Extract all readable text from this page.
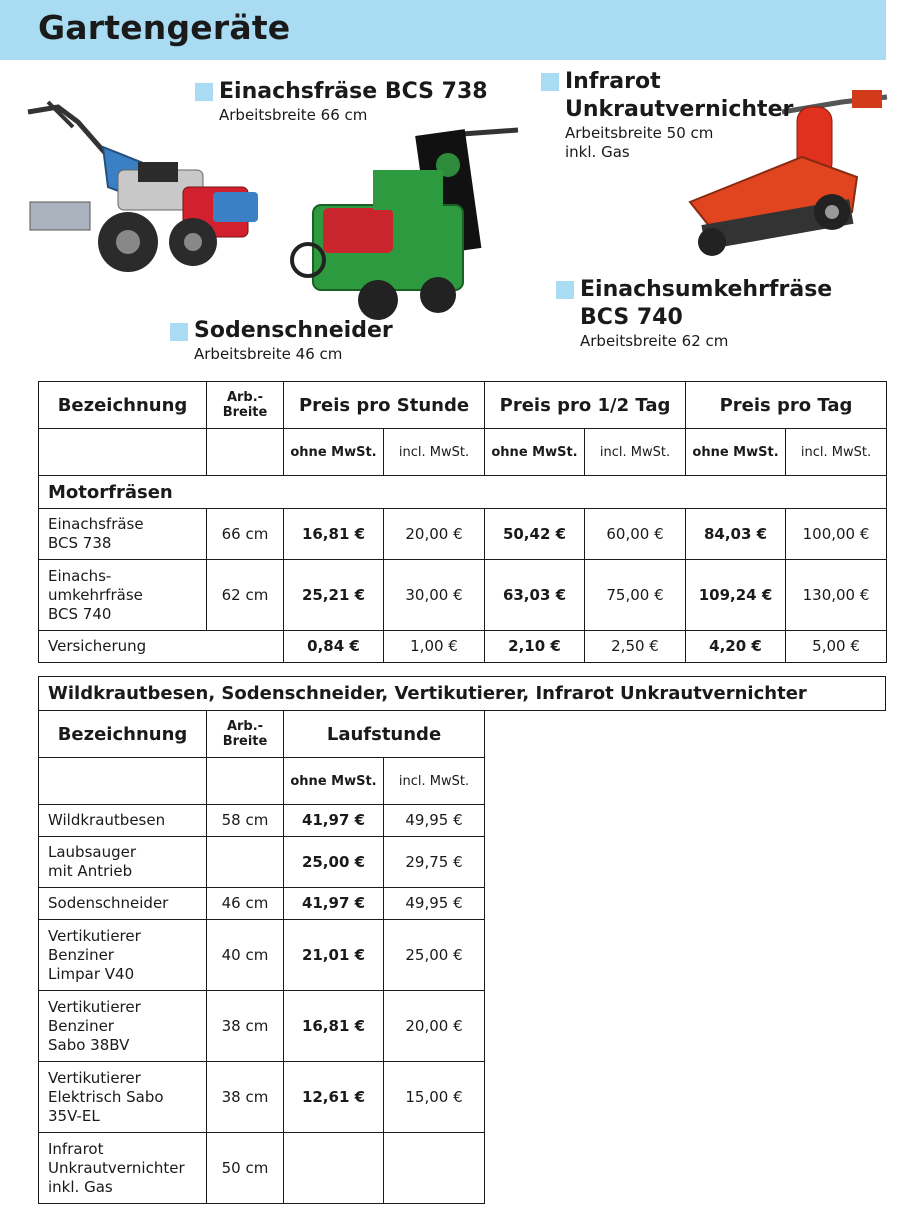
Gartengeräte
Einachsfräse BCS 738
Arbeitsbreite 66 cm
Sodenschneider
Arbeitsbreite 46 cm
Infrarot
Unkrautvernichter
Arbeitsbreite 50 cm
inkl. Gas
Einachsumkehrfräse
BCS 740
Arbeitsbreite 62 cm
Bezeichnung	Arb.-Breite	Preis pro Stunde		Preis pro 1/2 Tag		Preis pro Tag	
		ohne MwSt.	incl. MwSt.	ohne MwSt.	incl. MwSt.	ohne MwSt.	incl. MwSt.
Motorfräsen							
Einachsfräse
BCS 738	66 cm	16,81 €	20,00 €	50,42 €	60,00 €	84,03 €	100,00 €
Einachs-
umkehrfräse
BCS 740	62 cm	25,21 €	30,00 €	63,03 €	75,00 €	109,24 €	130,00 €
Versicherung		0,84 €	1,00 €	2,10 €	2,50 €	4,20 €	5,00 €
Wildkrautbesen, Sodenschneider, Vertikutierer, Infrarot Unkrautvernichter
Bezeichnung	Arb.-Breite	Laufstunde	
		ohne MwSt.	incl. MwSt.
Wildkrautbesen	58 cm	41,97 €	49,95 €
Laubsauger
mit Antrieb		25,00 €	29,75 €
Sodenschneider	46 cm	41,97 €	49,95 €
Vertikutierer
Benziner
Limpar V40	40 cm	21,01 €	25,00 €
Vertikutierer
Benziner
Sabo 38BV	38 cm	16,81 €	20,00 €
Vertikutierer
Elektrisch Sabo
35V-EL	38 cm	12,61 €	15,00 €
Infrarot
Unkrautvernichter
inkl. Gas	50 cm		
